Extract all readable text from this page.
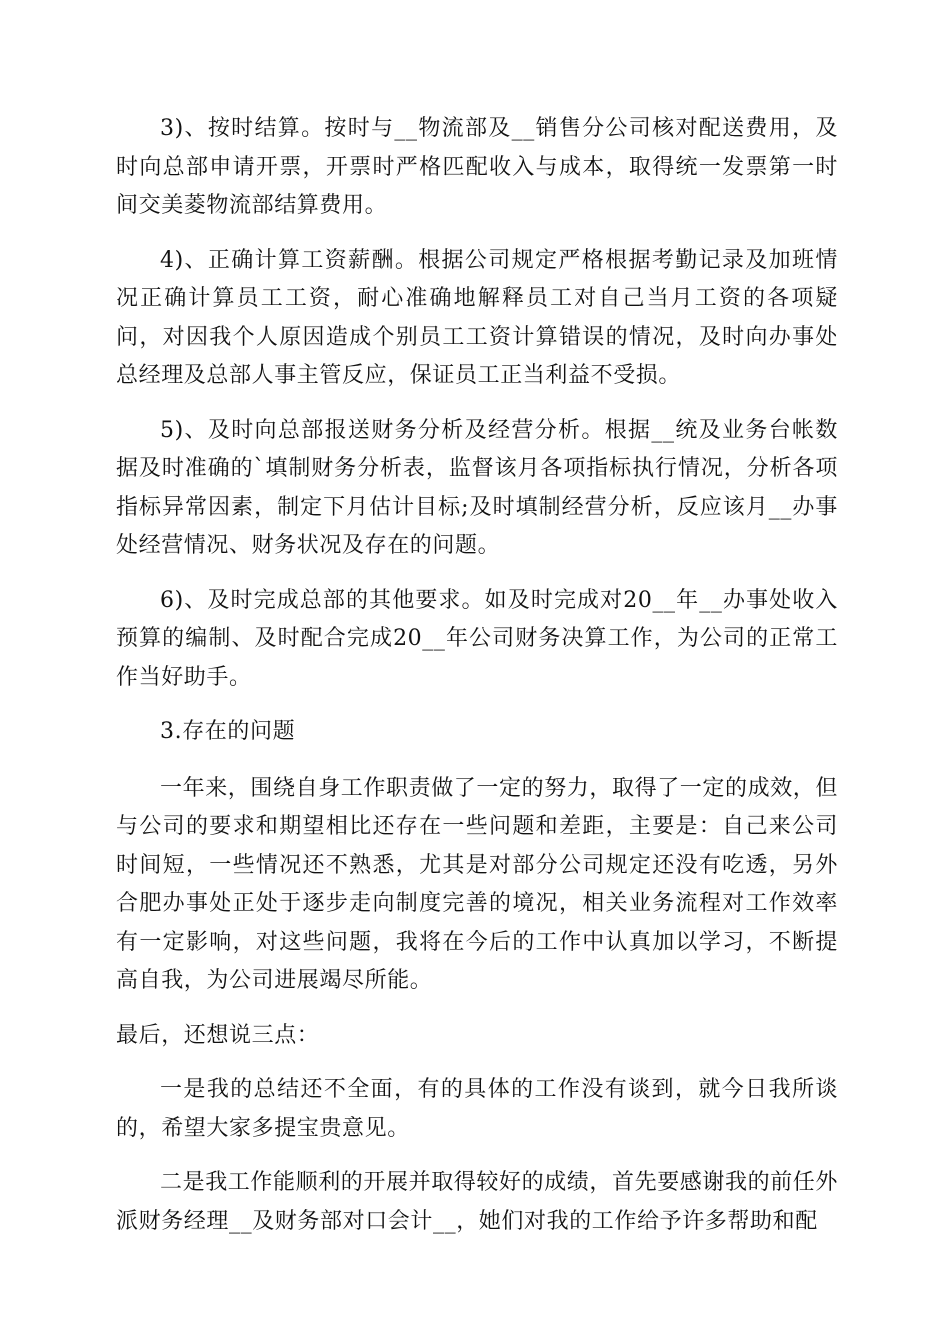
3)、按时结算。按时与__物流部及__销售分公司核对配送费用，及时向总部申请开票，开票时严格匹配收入与成本，取得统一发票第一时间交美菱物流部结算费用。

4)、正确计算工资薪酬。根据公司规定严格根据考勤记录及加班情况正确计算员工工资，耐心准确地解释员工对自己当月工资的各项疑问，对因我个人原因造成个别员工工资计算错误的情况，及时向办事处总经理及总部人事主管反应，保证员工正当利益不受损。

5)、及时向总部报送财务分析及经营分析。根据__统及业务台帐数据及时准确的`填制财务分析表，监督该月各项指标执行情况，分析各项指标异常因素，制定下月估计目标;及时填制经营分析，反应该月__办事处经营情况、财务状况及存在的问题。

6)、及时完成总部的其他要求。如及时完成对20__年__办事处收入预算的编制、及时配合完成20__年公司财务决算工作，为公司的正常工作当好助手。

3.存在的问题

一年来，围绕自身工作职责做了一定的努力，取得了一定的成效，但与公司的要求和期望相比还存在一些问题和差距，主要是：自己来公司时间短，一些情况还不熟悉，尤其是对部分公司规定还没有吃透，另外合肥办事处正处于逐步走向制度完善的境况，相关业务流程对工作效率有一定影响，对这些问题，我将在今后的工作中认真加以学习，不断提高自我，为公司进展竭尽所能。

最后，还想说三点：

一是我的总结还不全面，有的具体的工作没有谈到，就今日我所谈的，希望大家多提宝贵意见。

二是我工作能顺利的开展并取得较好的成绩，首先要感谢我的前任外派财务经理__及财务部对口会计__，她们对我的工作给予许多帮助和配
